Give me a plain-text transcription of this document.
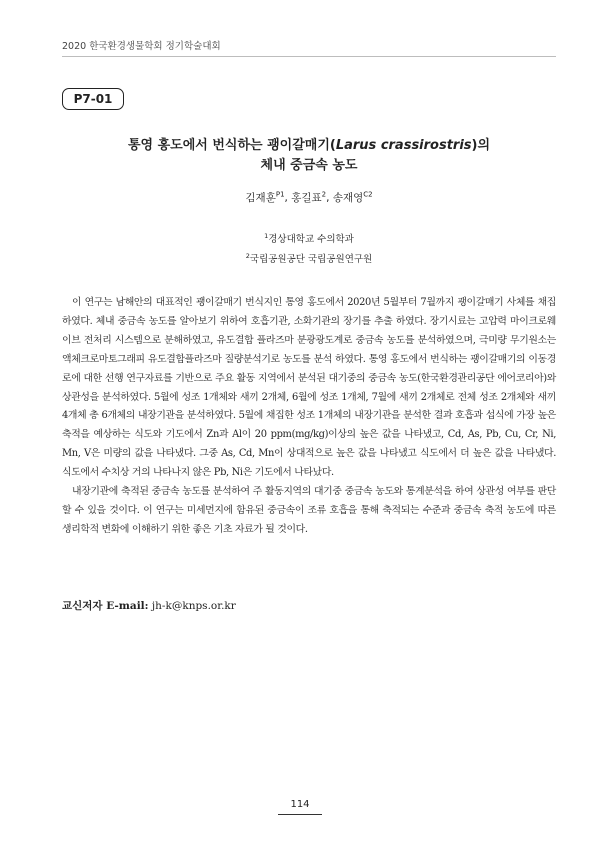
2020 한국환경생물학회 정기학술대회
P7-01
통영 홍도에서 번식하는 괭이갈매기(Larus crassirostris)의
체내 중금속 농도
김재훈$^{P1}$, 홍길표$^2$, 송재영$^{C2}$
$^1$경상대학교 수의학과
$^2$국립공원공단 국립공원연구원

이 연구는 남해안의 대표적인 괭이갈매기 번식지인 통영 홍도에서 2020년 5월부터 7월까지 괭이갈매기 사체를 채집하였다. 체내 중금속 농도를 알아보기 위하여 호흡기관, 소화기관의 장기를 추출 하였다. 장기시료는 고압력 마이크로웨이브 전처리 시스템으로 분해하였고, 유도결합 플라즈마 분광광도계로 중금속 농도를 분석하였으며, 극미량 무기원소는 액체크로마토그래피 유도결합플라즈마 질량분석기로 농도를 분석 하였다. 통영 홍도에서 번식하는 괭이갈매기의 이동경로에 대한 선행 연구자료를 기반으로 주요 활동 지역에서 분석된 대기중의 중금속 농도(한국환경관리공단 에어코리아)와 상관성을 분석하였다. 5월에 성조 1개체와 새끼 2개체, 6월에 성조 1개체, 7월에 새끼 2개체로 전체 성조 2개체와 새끼 4개체 총 6개체의 내장기관을 분석하였다. 5월에 채집한 성조 1개체의 내장기관을 분석한 결과 호흡과 섭식에 가장 높은 축적을 예상하는 식도와 기도에서 Zn과 Al이 20 ppm(mg/kg)이상의 높은 값을 나타냈고, Cd, As, Pb, Cu, Cr, Ni, Mn, V은 미량의 값을 나타냈다. 그중 As, Cd, Mn이 상대적으로 높은 값을 나타냈고 식도에서 더 높은 값을 나타냈다. 식도에서 수치상 거의 나타나지 않은 Pb, Ni은 기도에서 나타났다.

내장기관에 축적된 중금속 농도를 분석하여 주 활동지역의 대기중 중금속 농도와 통계분석을 하여 상관성 여부를 판단 할 수 있을 것이다. 이 연구는 미세먼지에 함유된 중금속이 조류 호흡을 통해 축적되는 수준과 중금속 축적 농도에 따른 생리학적 변화에 이해하기 위한 좋은 기초 자료가 될 것이다.

교신저자 E-mail: jh-k@knps.or.kr
114
